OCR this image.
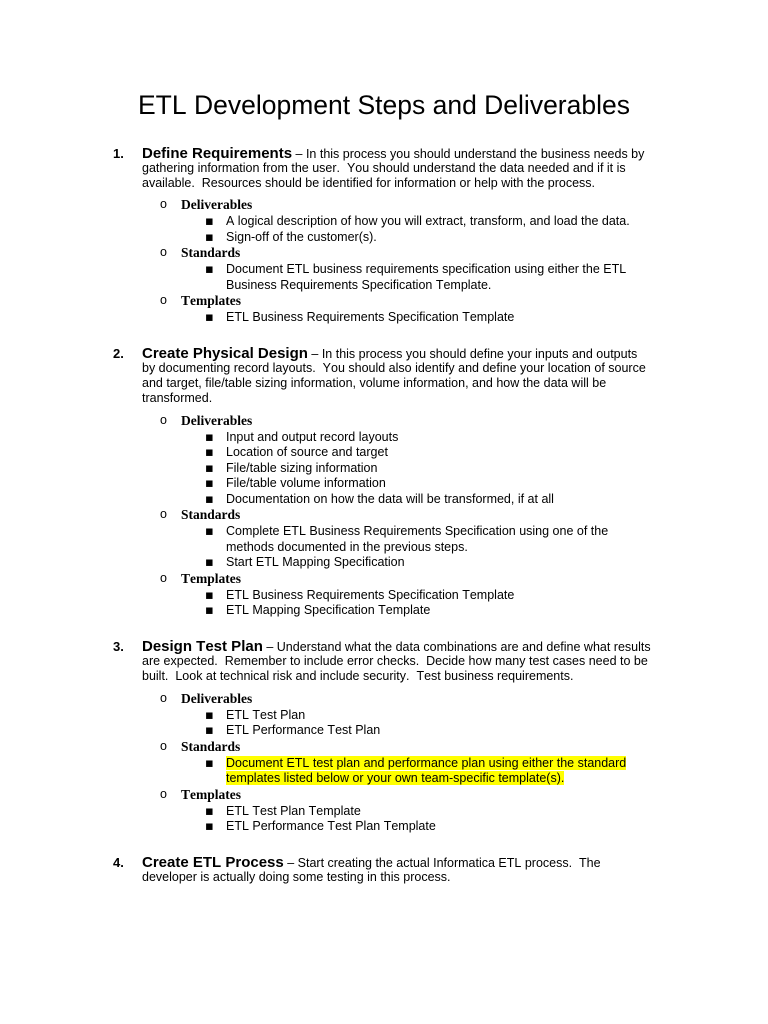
ETL Development Steps and Deliverables
1. Define Requirements – In this process you should understand the business needs by
gathering information from the user.  You should understand the data needed and if it is
available.  Resources should be identified for information or help with the process.
o Deliverables
▪ A logical description of how you will extract, transform, and load the data.
▪ Sign-off of the customer(s).
o Standards
▪ Document ETL business requirements specification using either the ETL Business Requirements Specification Template.
o Templates
▪ ETL Business Requirements Specification Template
2. Create Physical Design – In this process you should define your inputs and outputs
by documenting record layouts.  You should also identify and define your location of source
and target, file/table sizing information, volume information, and how the data will be
transformed.
o Deliverables
▪ Input and output record layouts
▪ Location of source and target
▪ File/table sizing information
▪ File/table volume information
▪ Documentation on how the data will be transformed, if at all
o Standards
▪ Complete ETL Business Requirements Specification using one of the methods documented in the previous steps.
▪ Start ETL Mapping Specification
o Templates
▪ ETL Business Requirements Specification Template
▪ ETL Mapping Specification Template
3. Design Test Plan – Understand what the data combinations are and define what results
are expected.  Remember to include error checks.  Decide how many test cases need to be
built.  Look at technical risk and include security.  Test business requirements.
o Deliverables
▪ ETL Test Plan
▪ ETL Performance Test Plan
o Standards
▪ Document ETL test plan and performance plan using either the standard templates listed below or your own team-specific template(s).
o Templates
▪ ETL Test Plan Template
▪ ETL Performance Test Plan Template
4. Create ETL Process – Start creating the actual Informatica ETL process.  The
developer is actually doing some testing in this process.
